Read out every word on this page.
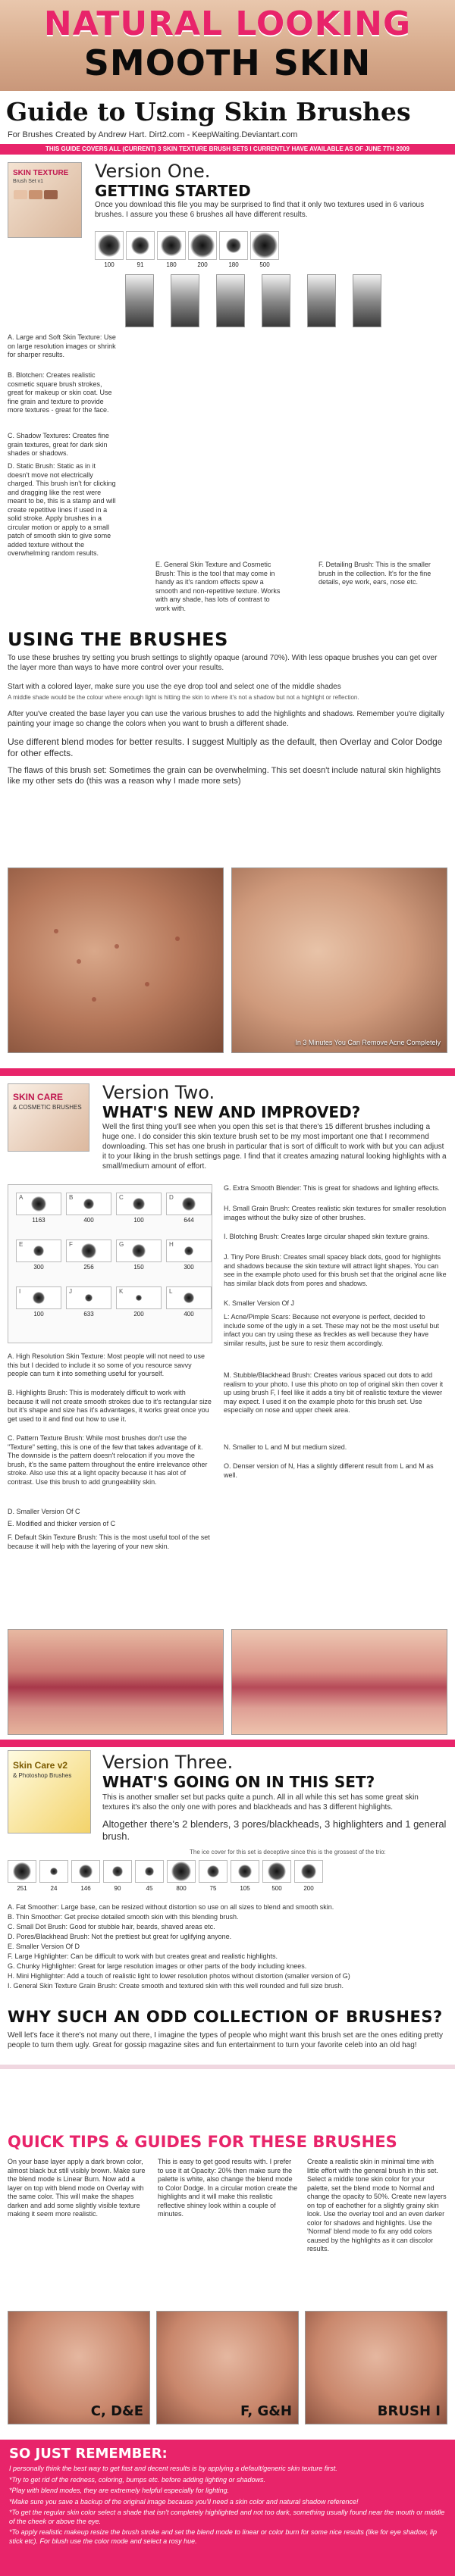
NATURAL LOOKING
SMOOTH SKIN
Guide to Using Skin Brushes
For Brushes Created by Andrew Hart. Dirt2.com - KeepWaiting.Deviantart.com
THIS GUIDE COVERS ALL (CURRENT) 3 SKIN TEXTURE BRUSH SETS I CURRENTLY HAVE AVAILABLE AS OF JUNE 7TH 2009
SKIN TEXTURE
Brush Set v1	Version One.
GETTING STARTED
Once you download this file you may be surprised to find that it only two textures used in 6 various brushes. I assure you these 6 brushes all have different results.
100	91	180	200	180	500
A. Large and Soft Skin Texture: Use on large resolution images or shrink for sharper results.
B. Blotchen: Creates realistic cosmetic square brush strokes, great for makeup or skin coat. Use fine grain and texture to provide more textures - great for the face.
C. Shadow Textures: Creates fine grain textures, great for dark skin shades or shadows.
D. Static Brush: Static as in it doesn't move not electrically charged. This brush isn't for clicking and dragging like the rest were meant to be, this is a stamp and will create repetitive lines if used in a solid stroke. Apply brushes in a circular motion or apply to a small patch of smooth skin to give some added texture without the overwhelming random results.
E. General Skin Texture and Cosmetic Brush: This is the tool that may come in handy as it's random effects spew a smooth and non-repetitive texture. Works with any shade, has lots of contrast to work with.
F. Detailing Brush: This is the smaller brush in the collection. It's for the fine details, eye work, ears, nose etc.
USING THE BRUSHES
To use these brushes try setting you brush settings to slightly opaque (around 70%). With less opaque brushes you can get over the layer more than ways to have more control over your results.
Start with a colored layer, make sure you use the eye drop tool and select one of the middle shades
A middle shade would be the colour where enough light is hitting the skin to where it's not a shadow but not a highlight or reflection.
After you've created the base layer you can use the various brushes to add the highlights and shadows. Remember you're digitally painting your image so change the colors when you want to brush a different shade.
Use different blend modes for better results. I suggest Multiply as the default, then Overlay and Color Dodge for other effects.
The flaws of this brush set: Sometimes the grain can be overwhelming. This set doesn't include natural skin highlights like my other sets do (this was a reason why I made more sets)
In 3 Minutes You Can Remove Acne Completely
SKIN CARE
& COSMETIC BRUSHES
Version Two.
WHAT'S NEW AND IMPROVED?
Well the first thing you'll see when you open this set is that there's 15 different brushes including a huge one. I do consider this skin texture brush set to be my most important one that I recommend downloading. This set has one brush in particular that is sort of difficult to work with but you can adjust it to your liking in the brush settings page. I find that it creates amazing natural looking highlights with a small/medium amount of effort.
A	B	C	D
1163	400	100	644
E	F	G	H
300	256	150	300
I	J	K	L
100	633	200	400
A. High Resolution Skin Texture: Most people will not need to use this but I decided to include it so some of you resource savvy people can turn it into something useful for yourself.
B. Highlights Brush: This is moderately difficult to work with because it will not create smooth strokes due to it's rectangular size but it's shape and size has it's advantages, it works great once you get used to it and find out how to use it.
C. Pattern Texture Brush: While most brushes don't use the "Texture" setting, this is one of the few that takes advantage of it. The downside is the pattern doesn't relocation if you move the brush, it's the same pattern throughout the entire irrelevance other stroke. Also use this at a light opacity because it has alot of contrast. Use this brush to add grungeability skin.
D. Smaller Version Of C
E. Modified and thicker version of C
F. Default Skin Texture Brush: This is the most useful tool of the set because it will help with the layering of your new skin.
G. Extra Smooth Blender: This is great for shadows and lighting effects.
H. Small Grain Brush: Creates realistic skin textures for smaller resolution images without the bulky size of other brushes.
I. Blotching Brush: Creates large circular shaped skin texture grains.
J. Tiny Pore Brush: Creates small spacey black dots, good for highlights and shadows because the skin texture will attract light shapes. You can see in the example photo used for this brush set that the original acne like has similar black dots from pores and shadows.
K. Smaller Version Of J
L: Acne/Pimple Scars: Because not everyone is perfect, decided to include some of the ugly in a set. These may not be the most useful but infact you can try using these as freckles as well because they have similar results, just be sure to resiz them accordingly.
M. Stubble/Blackhead Brush: Creates various spaced out dots to add realism to your photo. I use this photo on top of original skin then cover it up using brush F, I feel like it adds a tiny bit of realistic texture the viewer may expect. I used it on the example photo for this brush set. Use especially on nose and upper cheek area.
N. Smaller to L and M but medium sized.
O. Denser version of N, Has a slightly different result from L and M as well.
Skin Care v2
& Photoshop Brushes
Version Three.
WHAT'S GOING ON IN THIS SET?
This is another smaller set but packs quite a punch. All in all while this set has some great skin textures it's also the only one with pores and blackheads and has 3 different highlights.
Altogether there's 2 blenders, 3 pores/blackheads, 3 highlighters and 1 general brush.
The ice cover for this set is deceptive since this is the grossest of the trio:
251	24	146	90	45	800	75	105	500	200
A. Fat Smoother: Large base, can be resized without distortion so use on all sizes to blend and smooth skin.
B. Thin Smoother: Get precise detailed smooth skin with this blending brush.
C. Small Dot Brush: Good for stubble hair, beards, shaved areas etc.
D. Pores/Blackhead Brush: Not the prettiest but great for uglifying anyone.
E. Smaller Version Of D
F. Large Highlighter: Can be difficult to work with but creates great and realistic highlights.
G. Chunky Highlighter: Great for large resolution images or other parts of the body including knees.
H. Mini Highlighter: Add a touch of realistic light to lower resolution photos without distortion (smaller version of G)
I. General Skin Texture Grain Brush: Create smooth and textured skin with this well rounded and full size brush.
WHY SUCH AN ODD COLLECTION OF BRUSHES?
Well let's face it there's not many out there, I imagine the types of people who might want this brush set are the ones editing pretty people to turn them ugly. Great for gossip magazine sites and fun entertainment to turn your favorite celeb into an old hag!
QUICK TIPS & GUIDES FOR THESE BRUSHES
On your base layer apply a dark brown color, almost black but still visibly brown. Make sure the blend mode is Linear Burn. Now add a layer on top with blend mode on Overlay with the same color. This will make the shapes darken and add some slightly visible texture making it seem more realistic.
This is easy to get good results with. I prefer to use it at Opacity: 20% then make sure the palette is white, also change the blend mode to Color Dodge. In a circular motion create the highlights and it will make this realistic reflective shiney look within a couple of minutes.
Create a realistic skin in minimal time with little effort with the general brush in this set. Select a middle tone skin color for your palette, set the blend mode to Normal and change the opacity to 50%. Create new layers on top of eachother for a slightly grainy skin look. Use the overlay tool and an even darker color for shadows and highlights. Use the 'Normal' blend mode to fix any odd colors caused by the highlights as it can discolor results.
C, D&E	F, G&H	BRUSH I
SO JUST REMEMBER:

I personally think the best way to get fast and decent results is by applying a default/generic skin texture first.

*Try to get rid of the redness, coloring, bumps etc. before adding lighting or shadows.

*Play with blend modes, they are extremely helpful especially for lighting.

*Make sure you save a backup of the original image because you'll need a skin color and natural shadow reference!

*To get the regular skin color select a shade that isn't completely highlighted and not too dark, something usually found near the mouth or middle of the cheek or above the eye.

*To apply realistic makeup resize the brush stroke and set the blend mode to linear or color burn for some nice results (like for eye shadow, lip stick etc). For blush use the color mode and select a rosy hue.
